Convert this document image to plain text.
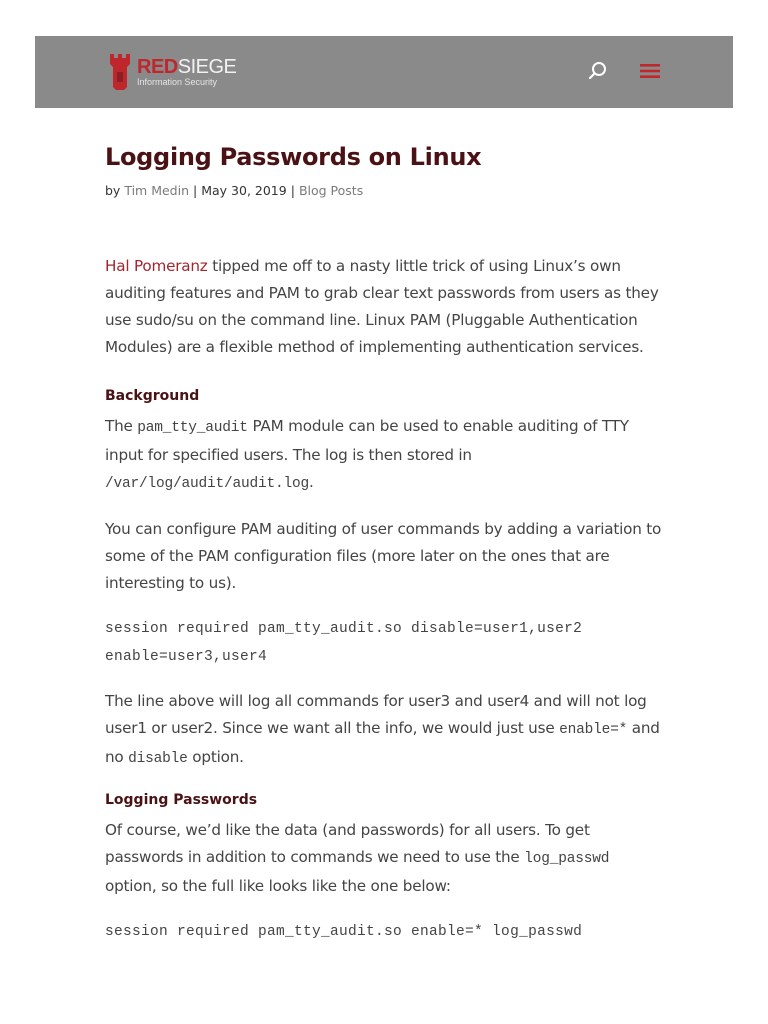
REDSIEGE
Information Security
Logging Passwords on Linux
by Tim Medin | May 30, 2019 | Blog Posts

Hal Pomeranz tipped me off to a nasty little trick of using Linux’s own auditing features and PAM to grab clear text passwords from users as they use sudo/su on the command line. Linux PAM (Pluggable Authentication Modules) are a flexible method of implementing authentication services.

Background

The pam_tty_audit PAM module can be used to enable auditing of TTY input for specified users. The log is then stored in /var/log/audit/audit.log.

You can configure PAM auditing of user commands by adding a variation to some of the PAM configuration files (more later on the ones that are interesting to us).

session required pam_tty_audit.so disable=user1,user2 enable=user3,user4

The line above will log all commands for user3 and user4 and will not log user1 or user2. Since we want all the info, we would just use enable=* and no disable option.

Logging Passwords

Of course, we’d like the data (and passwords) for all users. To get passwords in addition to commands we need to use the log_passwd option, so the full like looks like the one below:

session required pam_tty_audit.so enable=* log_passwd
